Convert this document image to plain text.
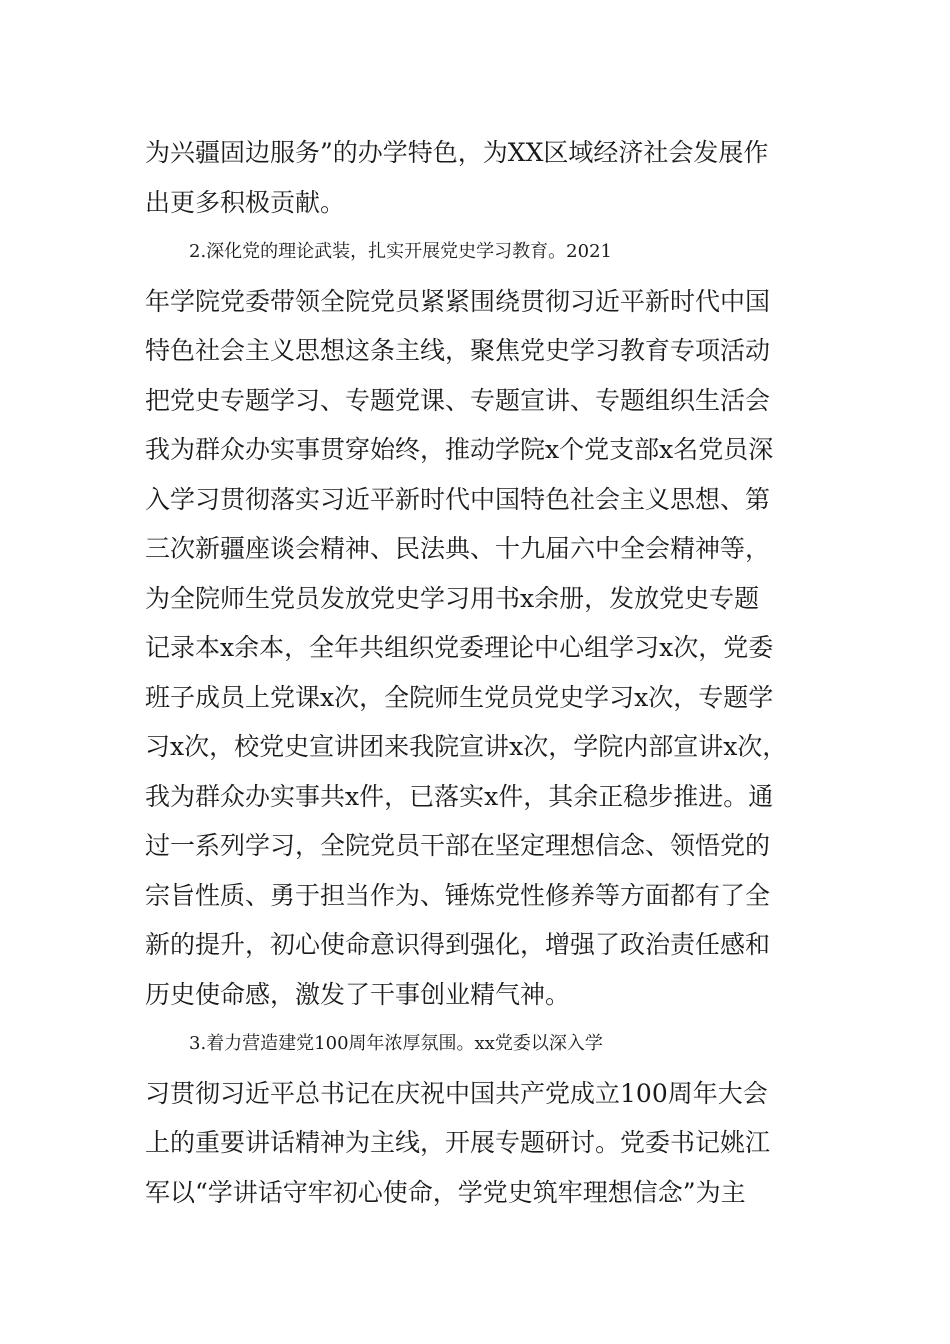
为兴疆固边服务”的办学特色，为XX区域经济社会发展作
出更多积极贡献。
2.深化党的理论武装，扎实开展党史学习教育。2021
年学院党委带领全院党员紧紧围绕贯彻习近平新时代中国
特色社会主义思想这条主线，聚焦党史学习教育专项活动
把党史专题学习、专题党课、专题宣讲、专题组织生活会
我为群众办实事贯穿始终，推动学院x个党支部x名党员深
入学习贯彻落实习近平新时代中国特色社会主义思想、第
三次新疆座谈会精神、民法典、十九届六中全会精神等，
为全院师生党员发放党史学习用书x余册，发放党史专题
记录本x余本，全年共组织党委理论中心组学习x次，党委
班子成员上党课x次，全院师生党员党史学习x次，专题学
习x次，校党史宣讲团来我院宣讲x次，学院内部宣讲x次，
我为群众办实事共x件，已落实x件，其余正稳步推进。通
过一系列学习，全院党员干部在坚定理想信念、领悟党的
宗旨性质、勇于担当作为、锤炼党性修养等方面都有了全
新的提升，初心使命意识得到强化，增强了政治责任感和
历史使命感，激发了干事创业精气神。
3.着力营造建党100周年浓厚氛围。xx党委以深入学
习贯彻习近平总书记在庆祝中国共产党成立100周年大会
上的重要讲话精神为主线，开展专题研讨。党委书记姚江
军以“学讲话守牢初心使命，学党史筑牢理想信念”为主
